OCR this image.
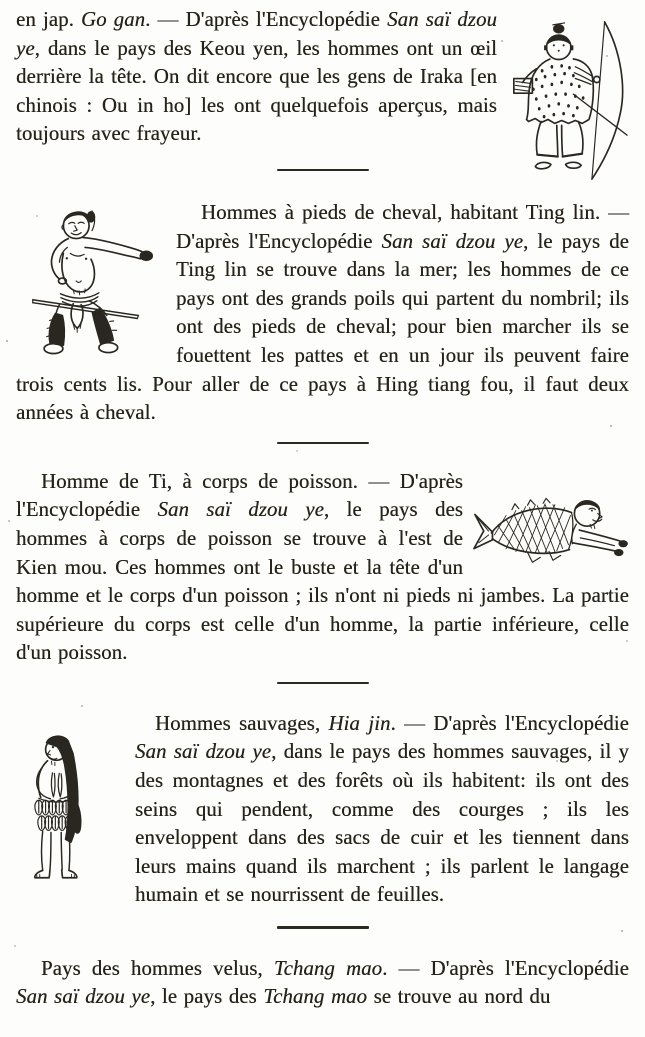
en jap. Go gan. — D'après l'Encyclopédie San saï dzou ye, dans le pays des Keou yen, les hommes ont un œil derrière la tête. On dit encore que les gens de Iraka [en chinois : Ou in ho] les ont quelquefois aperçus, mais toujours avec frayeur.

Hommes à pieds de cheval, habitant Ting lin. — D'après l'Encyclopédie San saï dzou ye, le pays de Ting lin se trouve dans la mer; les hommes de ce pays ont des grands poils qui partent du nombril; ils ont des pieds de cheval; pour bien marcher ils se fouettent les pattes et en un jour ils peuvent faire trois cents lis. Pour aller de ce pays à Hing tiang fou, il faut deux années à cheval.

Homme de Ti, à corps de poisson. — D'après l'Encyclopédie San saï dzou ye, le pays des hommes à corps de poisson se trouve à l'est de Kien mou. Ces hommes ont le buste et la tête d'un homme et le corps d'un poisson ; ils n'ont ni pieds ni jambes. La partie supérieure du corps est celle d'un homme, la partie inférieure, celle d'un poisson.

Hommes sauvages, Hia jin. — D'après l'Encyclopédie San saï dzou ye, dans le pays des hommes sauvages, il y des montagnes et des forêts où ils habitent: ils ont des seins qui pendent, comme des courges ; ils les enveloppent dans des sacs de cuir et les tiennent dans leurs mains quand ils marchent ; ils parlent le langage humain et se nourrissent de feuilles.

Pays des hommes velus, Tchang mao. — D'après l'Encyclopédie San saï dzou ye, le pays des Tchang mao se trouve au nord du
